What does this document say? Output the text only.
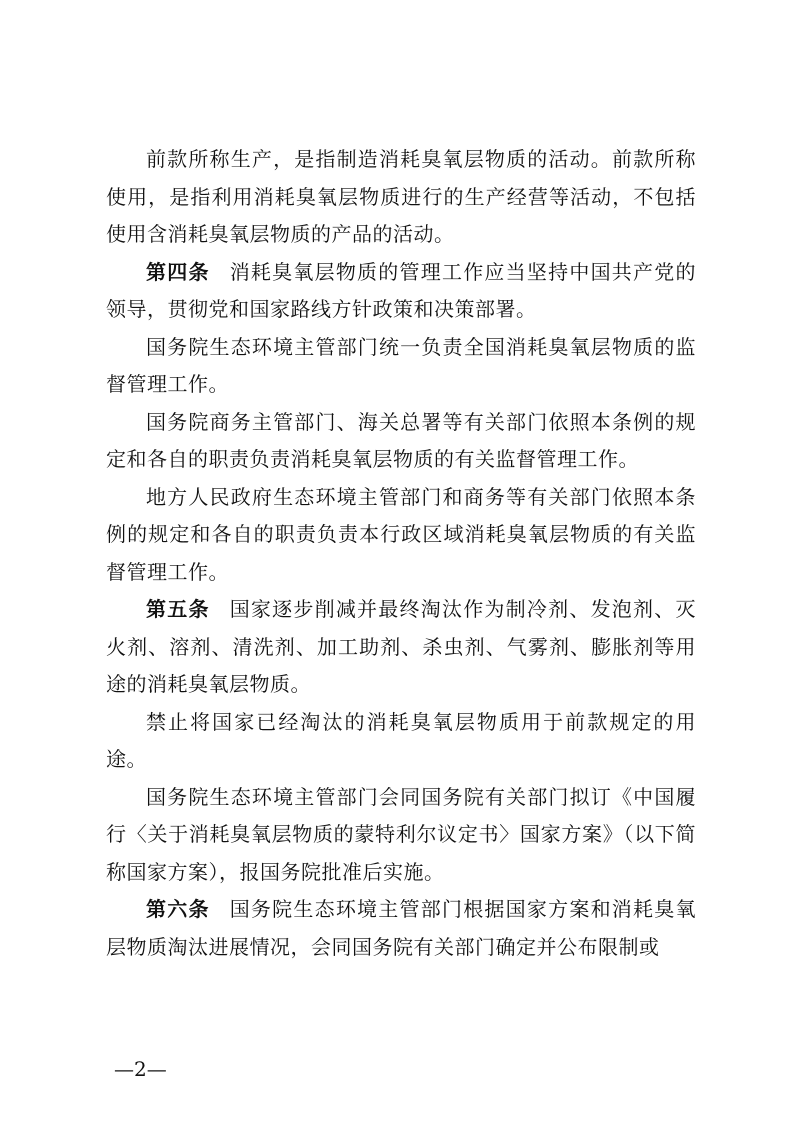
前款所称生产，是指制造消耗臭氧层物质的活动。前款所称使用，是指利用消耗臭氧层物质进行的生产经营等活动，不包括使用含消耗臭氧层物质的产品的活动。

第四条 消耗臭氧层物质的管理工作应当坚持中国共产党的领导，贯彻党和国家路线方针政策和决策部署。

国务院生态环境主管部门统一负责全国消耗臭氧层物质的监督管理工作。

国务院商务主管部门、海关总署等有关部门依照本条例的规定和各自的职责负责消耗臭氧层物质的有关监督管理工作。

地方人民政府生态环境主管部门和商务等有关部门依照本条例的规定和各自的职责负责本行政区域消耗臭氧层物质的有关监督管理工作。

第五条 国家逐步削减并最终淘汰作为制冷剂、发泡剂、灭火剂、溶剂、清洗剂、加工助剂、杀虫剂、气雾剂、膨胀剂等用途的消耗臭氧层物质。

禁止将国家已经淘汰的消耗臭氧层物质用于前款规定的用途。

国务院生态环境主管部门会同国务院有关部门拟订《中国履行〈关于消耗臭氧层物质的蒙特利尔议定书〉国家方案》（以下简称国家方案），报国务院批准后实施。

第六条 国务院生态环境主管部门根据国家方案和消耗臭氧层物质淘汰进展情况，会同国务院有关部门确定并公布限制或

—2—
